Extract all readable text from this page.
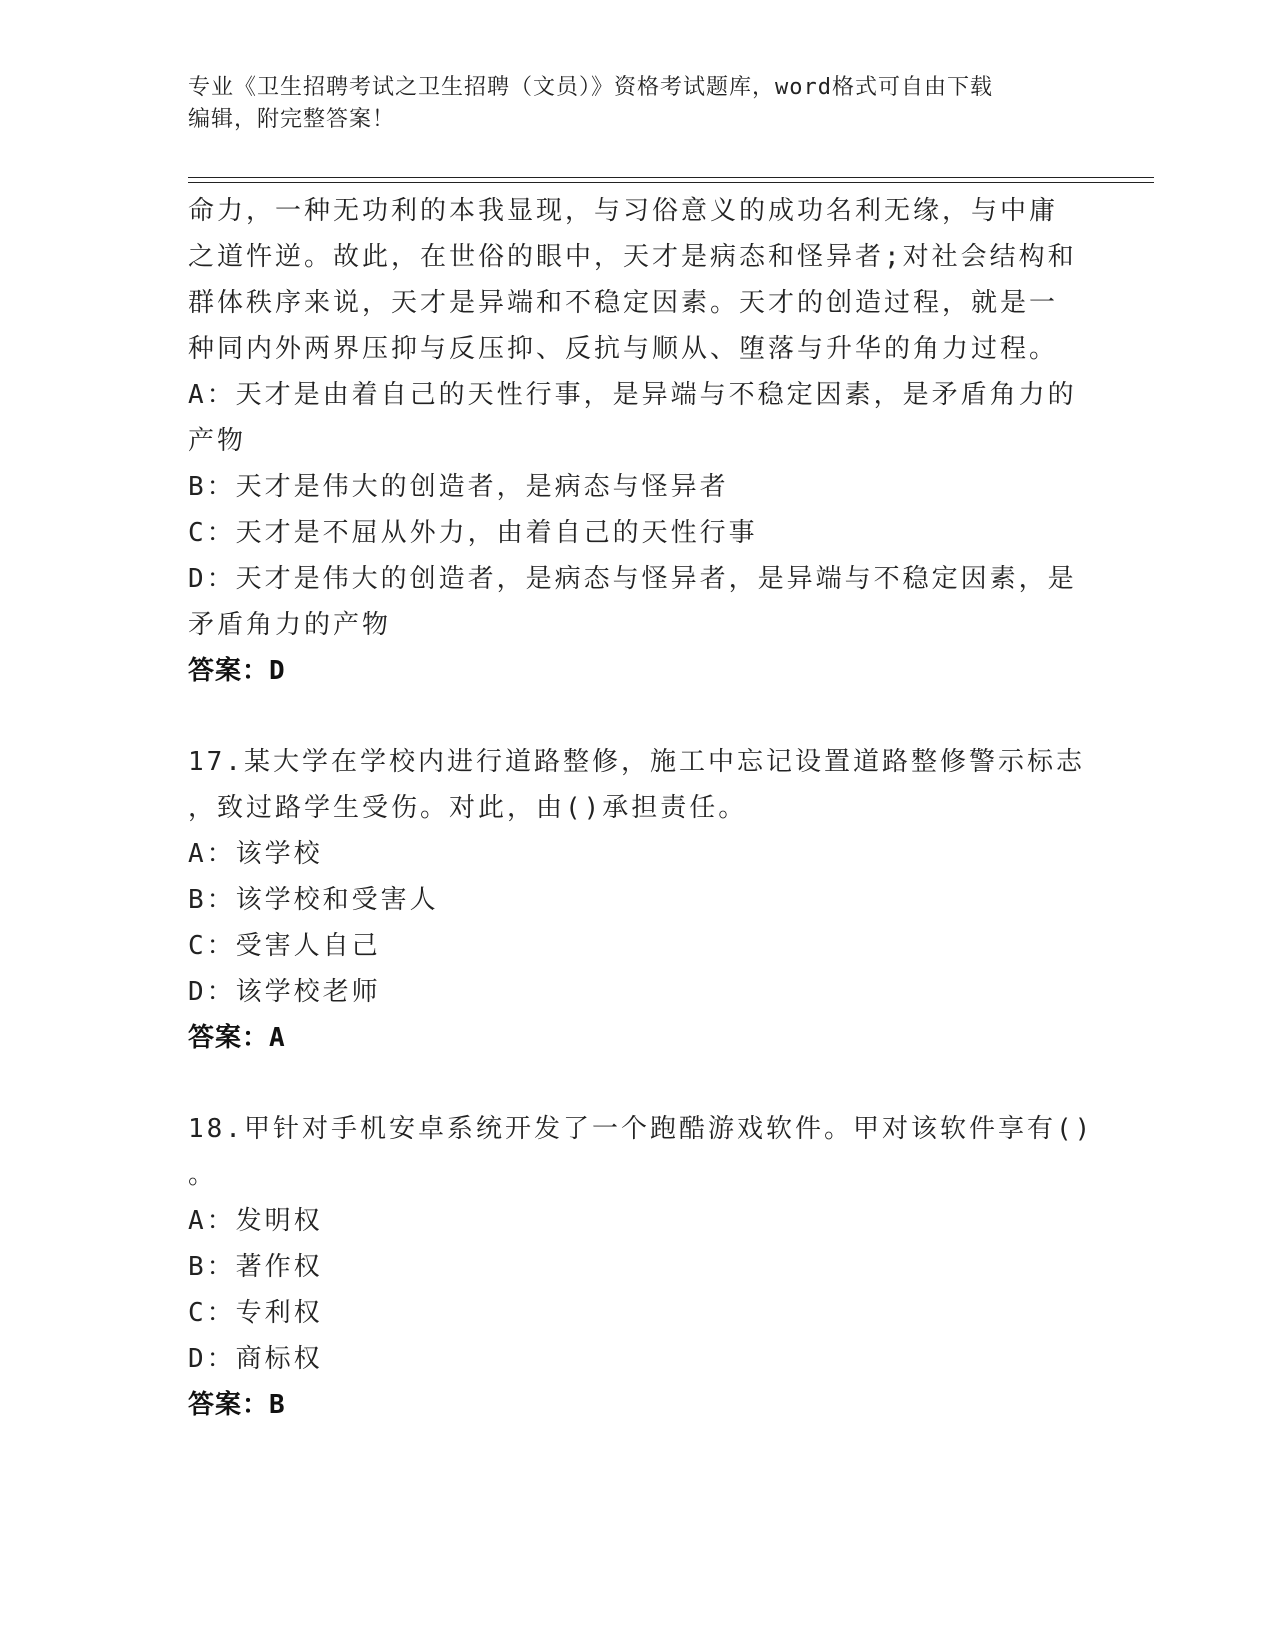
专业《卫生招聘考试之卫生招聘（文员）》资格考试题库，word格式可自由下载
编辑，附完整答案！
命力，一种无功利的本我显现，与习俗意义的成功名利无缘，与中庸
之道忤逆。故此，在世俗的眼中，天才是病态和怪异者;对社会结构和
群体秩序来说，天才是异端和不稳定因素。天才的创造过程，就是一
种同内外两界压抑与反压抑、反抗与顺从、堕落与升华的角力过程。
A：天才是由着自己的天性行事，是异端与不稳定因素，是矛盾角力的
产物
B：天才是伟大的创造者，是病态与怪异者
C：天才是不屈从外力，由着自己的天性行事
D：天才是伟大的创造者，是病态与怪异者，是异端与不稳定因素，是
矛盾角力的产物
答案：D
17.某大学在学校内进行道路整修，施工中忘记设置道路整修警示标志
，致过路学生受伤。对此，由()承担责任。
A：该学校
B：该学校和受害人
C：受害人自己
D：该学校老师
答案：A
18.甲针对手机安卓系统开发了一个跑酷游戏软件。甲对该软件享有()
。
A：发明权
B：著作权
C：专利权
D：商标权
答案：B
